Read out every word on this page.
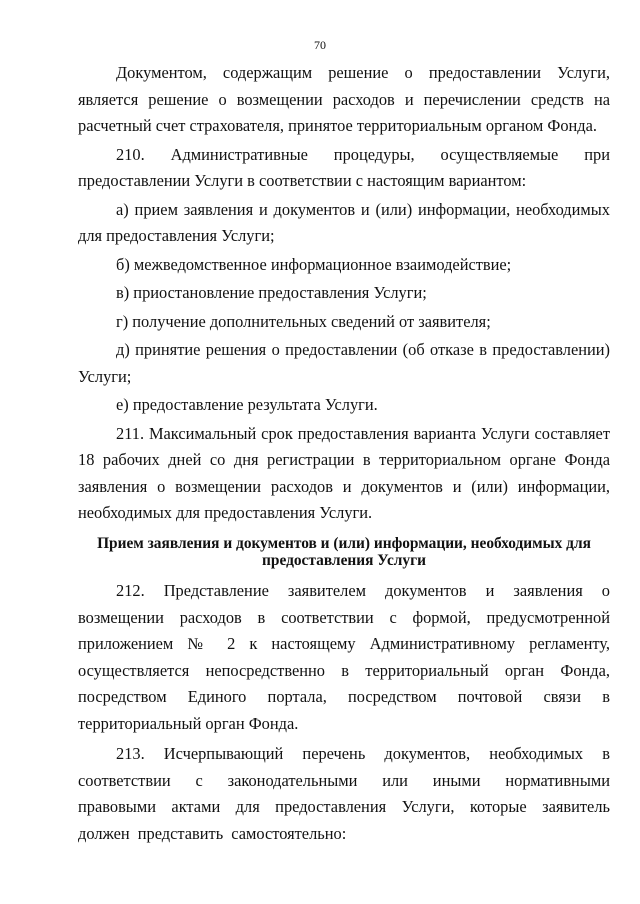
70

Документом, содержащим решение о предоставлении Услуги, является решение о возмещении расходов и перечислении средств на расчетный счет страхователя, принятое территориальным органом Фонда.

210. Административные процедуры, осуществляемые при предоставлении Услуги в соответствии с настоящим вариантом:

а) прием заявления и документов и (или) информации, необходимых для предоставления Услуги;

б) межведомственное информационное взаимодействие;

в) приостановление предоставления Услуги;

г) получение дополнительных сведений от заявителя;

д) принятие решения о предоставлении (об отказе в предоставлении) Услуги;

е) предоставление результата Услуги.

211. Максимальный срок предоставления варианта Услуги составляет 18 рабочих дней со дня регистрации в территориальном органе Фонда заявления о возмещении расходов и документов и (или) информации, необходимых для предоставления Услуги.

Прием заявления и документов и (или) информации, необходимых для предоставления Услуги

212. Представление заявителем документов и заявления о возмещении расходов в соответствии с формой, предусмотренной приложением № 2 к настоящему Административному регламенту, осуществляется непосредственно в территориальный орган Фонда, посредством Единого портала, посредством почтовой связи в территориальный орган Фонда.

213. Исчерпывающий перечень документов, необходимых в соответствии с законодательными или иными нормативными правовыми актами для предоставления Услуги, которые заявитель должен представить самостоятельно:
